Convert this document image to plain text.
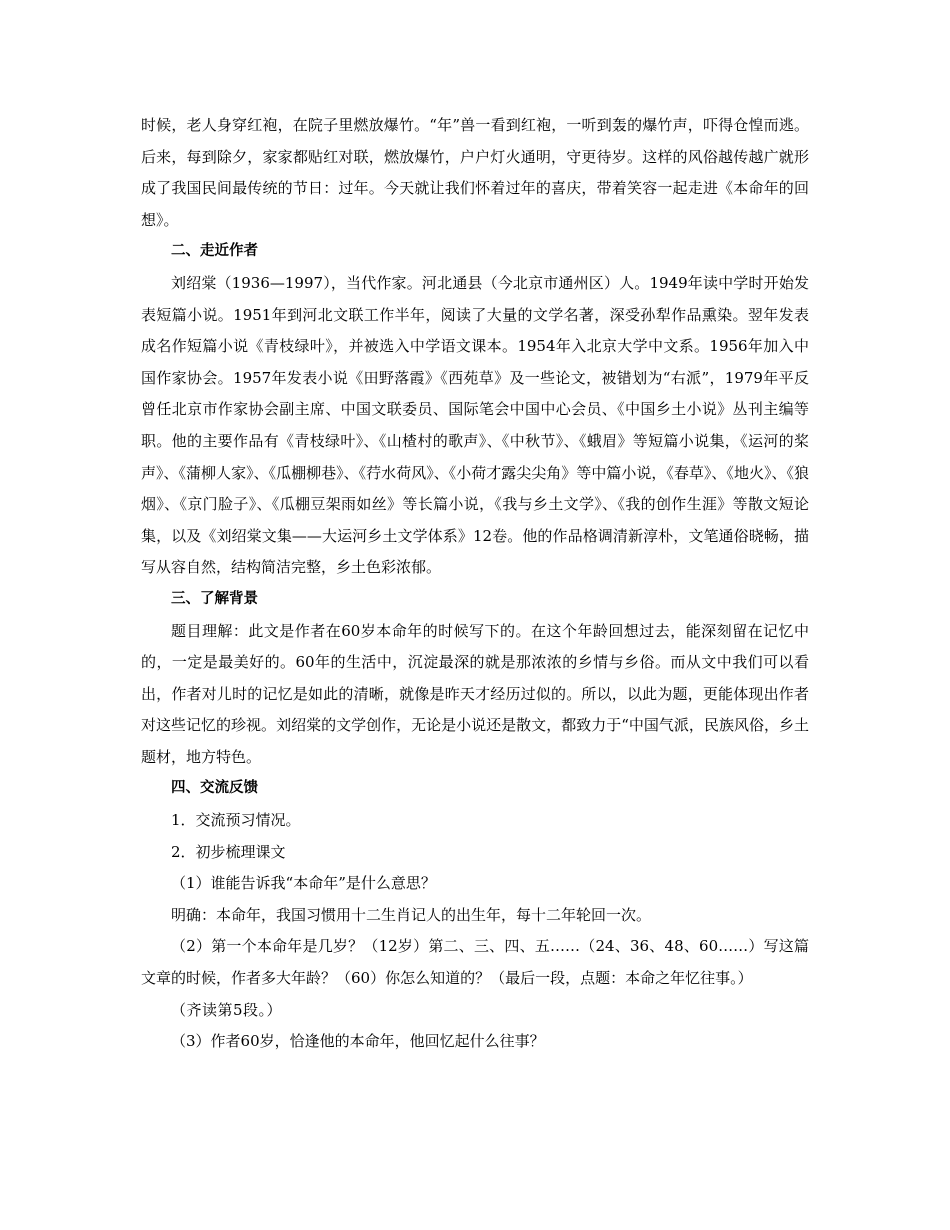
时候，老人身穿红袍，在院子里燃放爆竹。“年”兽一看到红袍，一听到轰的爆竹声，吓得仓惶而逃。后来，每到除夕，家家都贴红对联，燃放爆竹，户户灯火通明，守更待岁。这样的风俗越传越广就形成了我国民间最传统的节日：过年。今天就让我们怀着过年的喜庆，带着笑容一起走进《本命年的回想》。

二、走近作者

刘绍棠（1936—1997），当代作家。河北通县（今北京市通州区）人。1949年读中学时开始发表短篇小说。1951年到河北文联工作半年，阅读了大量的文学名著，深受孙犁作品熏染。翌年发表成名作短篇小说《青枝绿叶》，并被选入中学语文课本。1954年入北京大学中文系。1956年加入中国作家协会。1957年发表小说《田野落霞》《西苑草》及一些论文，被错划为“右派”，1979年平反曾任北京市作家协会副主席、中国文联委员、国际笔会中国中心会员、《中国乡土小说》丛刊主编等职。他的主要作品有《青枝绿叶》、《山楂村的歌声》、《中秋节》、《蛾眉》等短篇小说集，《运河的桨声》、《蒲柳人家》、《瓜棚柳巷》、《荇水荷风》、《小荷才露尖尖角》等中篇小说，《春草》、《地火》、《狼烟》、《京门脸子》、《瓜棚豆架雨如丝》等长篇小说，《我与乡土文学》、《我的创作生涯》等散文短论集，以及《刘绍棠文集——大运河乡土文学体系》12卷。他的作品格调清新淳朴，文笔通俗晓畅，描写从容自然，结构简洁完整，乡土色彩浓郁。

三、了解背景

题目理解：此文是作者在60岁本命年的时候写下的。在这个年龄回想过去，能深刻留在记忆中的，一定是最美好的。60年的生活中，沉淀最深的就是那浓浓的乡情与乡俗。而从文中我们可以看出，作者对儿时的记忆是如此的清晰，就像是昨天才经历过似的。所以，以此为题，更能体现出作者对这些记忆的珍视。刘绍棠的文学创作，无论是小说还是散文，都致力于“中国气派，民族风俗，乡土题材，地方特色。

四、交流反馈

1．交流预习情况。

2．初步梳理课文

（1）谁能告诉我“本命年”是什么意思？

明确：本命年，我国习惯用十二生肖记人的出生年，每十二年轮回一次。

（2）第一个本命年是几岁？（12岁）第二、三、四、五……（24、36、48、60……）写这篇文章的时候，作者多大年龄？（60）你怎么知道的？（最后一段，点题：本命之年忆往事。）

（齐读第5段。）

（3）作者60岁，恰逢他的本命年，他回忆起什么往事？
